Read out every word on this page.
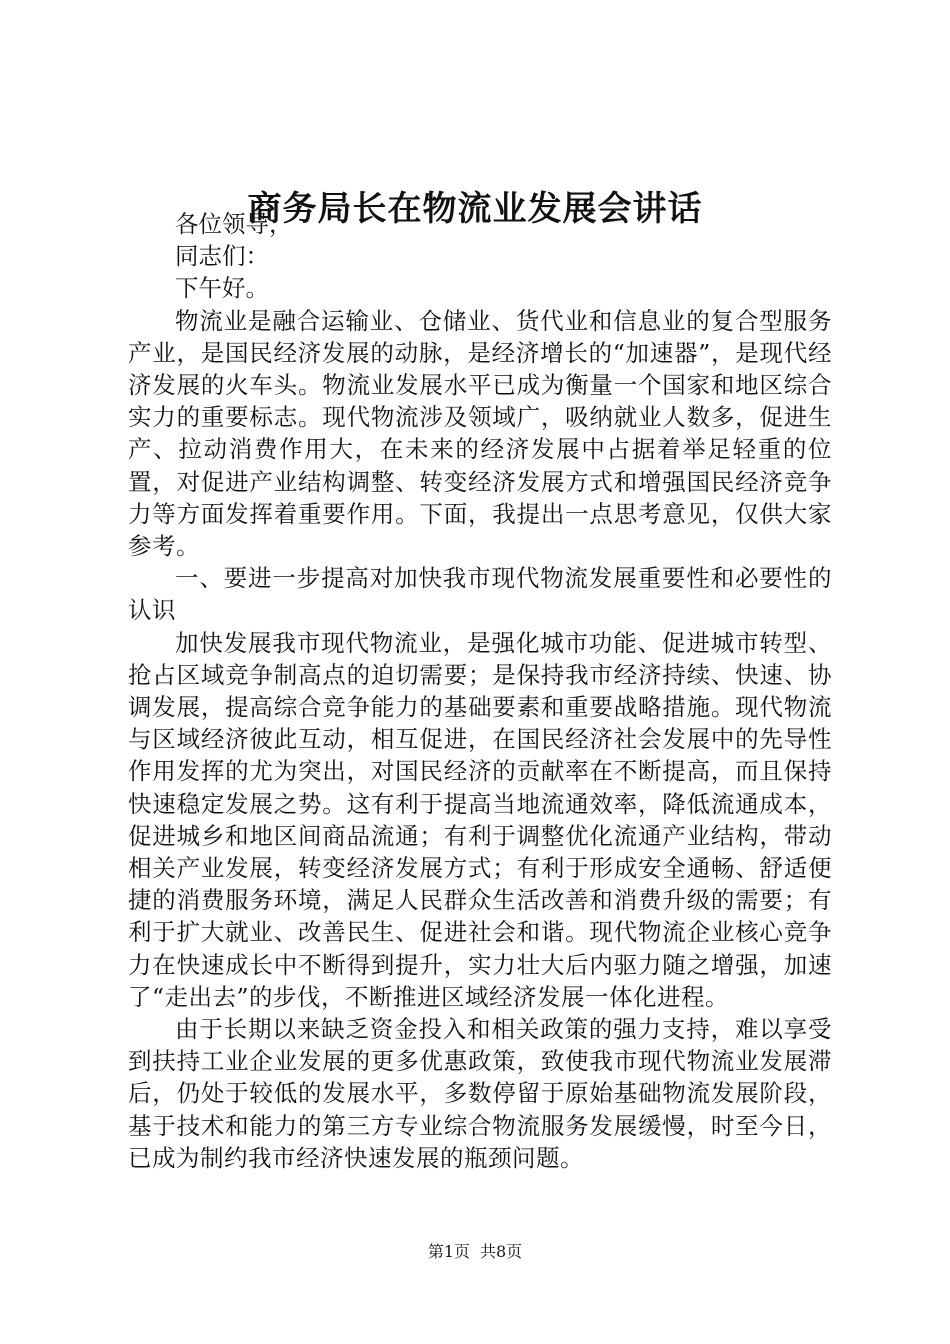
商务局长在物流业发展会讲话

各位领导，

同志们：

下午好。

物流业是融合运输业、仓储业、货代业和信息业的复合型服务产业，是国民经济发展的动脉，是经济增长的“加速器”，是现代经济发展的火车头。物流业发展水平已成为衡量一个国家和地区综合实力的重要标志。现代物流涉及领域广，吸纳就业人数多，促进生产、拉动消费作用大，在未来的经济发展中占据着举足轻重的位置，对促进产业结构调整、转变经济发展方式和增强国民经济竞争力等方面发挥着重要作用。下面，我提出一点思考意见，仅供大家参考。

一、要进一步提高对加快我市现代物流发展重要性和必要性的认识

加快发展我市现代物流业，是强化城市功能、促进城市转型、抢占区域竞争制高点的迫切需要；是保持我市经济持续、快速、协调发展，提高综合竞争能力的基础要素和重要战略措施。现代物流与区域经济彼此互动，相互促进，在国民经济社会发展中的先导性作用发挥的尤为突出，对国民经济的贡献率在不断提高，而且保持快速稳定发展之势。这有利于提高当地流通效率，降低流通成本，促进城乡和地区间商品流通；有利于调整优化流通产业结构，带动相关产业发展，转变经济发展方式；有利于形成安全通畅、舒适便捷的消费服务环境，满足人民群众生活改善和消费升级的需要；有利于扩大就业、改善民生、促进社会和谐。现代物流企业核心竞争力在快速成长中不断得到提升，实力壮大后内驱力随之增强，加速了“走出去”的步伐，不断推进区域经济发展一体化进程。

由于长期以来缺乏资金投入和相关政策的强力支持，难以享受到扶持工业企业发展的更多优惠政策，致使我市现代物流业发展滞后，仍处于较低的发展水平，多数停留于原始基础物流发展阶段，基于技术和能力的第三方专业综合物流服务发展缓慢，时至今日，已成为制约我市经济快速发展的瓶颈问题。

第1页 共8页
